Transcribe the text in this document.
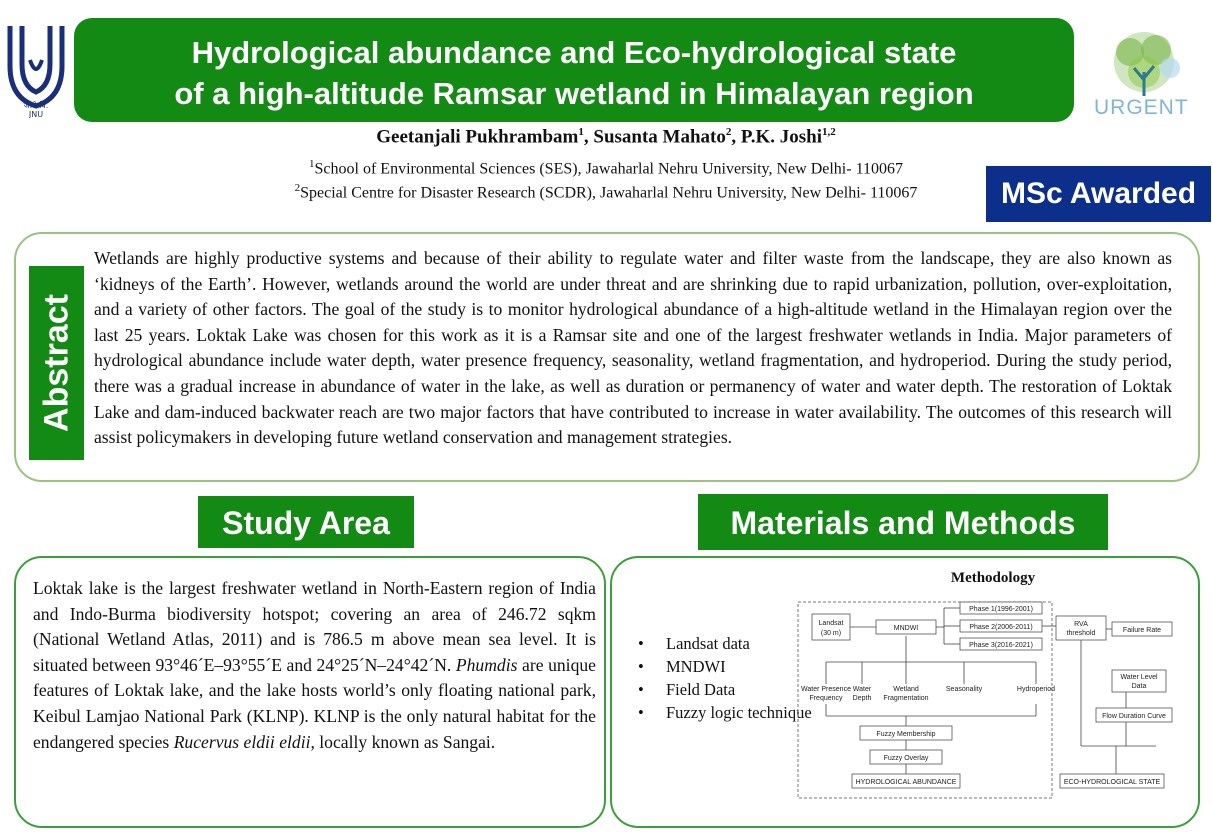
ज.ने.वि.
JNU	URGENT
Hydrological abundance and Eco-hydrological state
of a high-altitude Ramsar wetland in Himalayan region
Geetanjali Pukhrambam$^1$, Susanta Mahato$^2$, P.K. Joshi$^{1,2}$
$^1$School of Environmental Sciences (SES), Jawaharlal Nehru University, New Delhi- 110067
$^2$Special Centre for Disaster Research (SCDR), Jawaharlal Nehru University, New Delhi- 110067	MSc Awarded
Abstract

Wetlands are highly productive systems and because of their ability to regulate water and filter waste from the landscape, they are also known as ‘kidneys of the Earth’. However, wetlands around the world are under threat and are shrinking due to rapid urbanization, pollution, over-exploitation, and a variety of other factors. The goal of the study is to monitor hydrological abundance of a high-altitude wetland in the Himalayan region over the last 25 years. Loktak Lake was chosen for this work as it is a Ramsar site and one of the largest freshwater wetlands in India. Major parameters of hydrological abundance include water depth, water presence frequency, seasonality, wetland fragmentation, and hydroperiod. During the study period, there was a gradual increase in abundance of water in the lake, as well as duration or permanency of water and water depth. The restoration of Loktak Lake and dam-induced backwater reach are two major factors that have contributed to increase in water availability. The outcomes of this research will assist policymakers in developing future wetland conservation and management strategies.

Study Area	Materials and Methods

Loktak lake is the largest freshwater wetland in North-Eastern region of India and Indo-Burma biodiversity hotspot; covering an area of 246.72 sqkm (National Wetland Atlas, 2011) and is 786.5 m above mean sea level. It is situated between 93°46´E–93°55´E and 24°25´N–24°42´N. Phumdis are unique features of Loktak lake, and the lake hosts world’s only floating national park, Keibul Lamjao National Park (KLNP). KLNP is the only natural habitat for the endangered species Rucervus eldii eldii, locally known as Sangai.

• Landsat data
• MNDWI
• Field Data
• Fuzzy logic technique
Methodology
Landsat
(30 m)
MNDWI
Phase 1(1996-2001)
Phase 2(2006-2011)
Phase 3(2016-2021)
RVA
threshold	Failure Rate
Water Presence
Frequency
Water
Depth
Wetland
Fragmentation
Seasonality	Hydroperiod
Water Level
Data
Flow Duration Curve
Fuzzy Membership
Fuzzy Overlay
HYDROLOGICAL ABUNDANCE	ECO-HYDROLOGICAL STATE
